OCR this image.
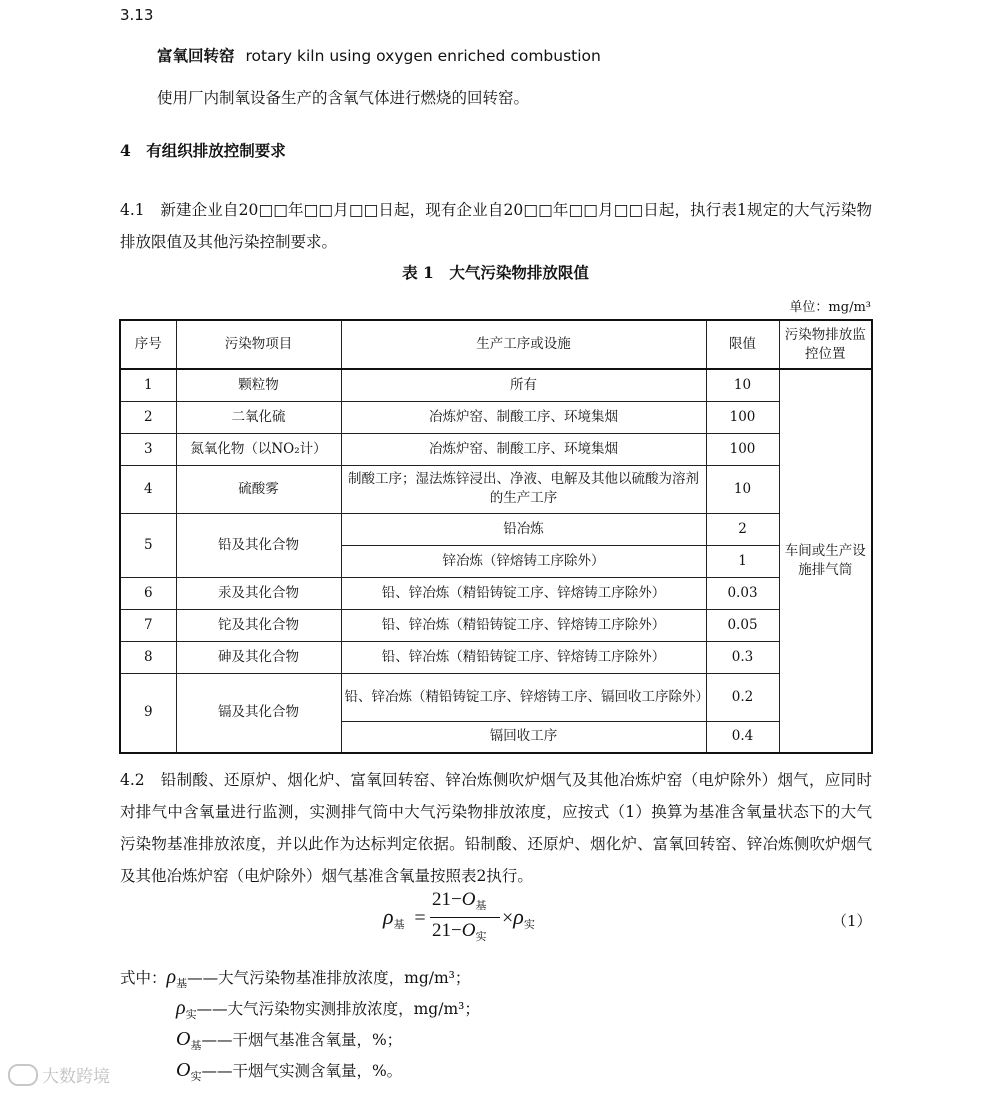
3.13
富氧回转窑 rotary kiln using oxygen enriched combustion
使用厂内制氧设备生产的含氧气体进行燃烧的回转窑。
4　有组织排放控制要求
4.1　新建企业自20□□年□□月□□日起，现有企业自20□□年□□月□□日起，执行表1规定的大气污染物排放限值及其他污染控制要求。
表 1　大气污染物排放限值
单位：mg/m³
序号	污染物项目	生产工序或设施	限值	污染物排放监控位置
1	颗粒物	所有	10	车间或生产设施排气筒
2	二氧化硫	冶炼炉窑、制酸工序、环境集烟	100	
3	氮氧化物（以NO₂计）	冶炼炉窑、制酸工序、环境集烟	100	
4	硫酸雾	制酸工序；湿法炼锌浸出、净液、电解及其他以硫酸为溶剂的生产工序	10	
5	铅及其化合物	铅冶炼	2	
		锌冶炼（锌熔铸工序除外）	1	
6	汞及其化合物	铅、锌冶炼（精铅铸锭工序、锌熔铸工序除外）	0.03	
7	铊及其化合物	铅、锌冶炼（精铅铸锭工序、锌熔铸工序除外）	0.05	
8	砷及其化合物	铅、锌冶炼（精铅铸锭工序、锌熔铸工序除外）	0.3	
9	镉及其化合物	铅、锌冶炼（精铅铸锭工序、锌熔铸工序、镉回收工序除外）	0.2	
		镉回收工序	0.4	
4.2　铅制酸、还原炉、烟化炉、富氧回转窑、锌冶炼侧吹炉烟气及其他冶炼炉窑（电炉除外）烟气，应同时对排气中含氧量进行监测，实测排气筒中大气污染物排放浓度，应按式（1）换算为基准含氧量状态下的大气污染物基准排放浓度，并以此作为达标判定依据。铅制酸、还原炉、烟化炉、富氧回转窑、锌冶炼侧吹炉烟气及其他冶炼炉窑（电炉除外）烟气基准含氧量按照表2执行。
$\rho_基$ =
$21-O_基$
$21-O_实$
$\times\rho_实$	（1）
式中：$\rho_基——$大气污染物基准排放浓度，mg/m³；
$\rho_实——$大气污染物实测排放浓度，mg/m³；
$O_基——$干烟气基准含氧量，%；
$O_实——$干烟气实测含氧量，%。
大数跨境
